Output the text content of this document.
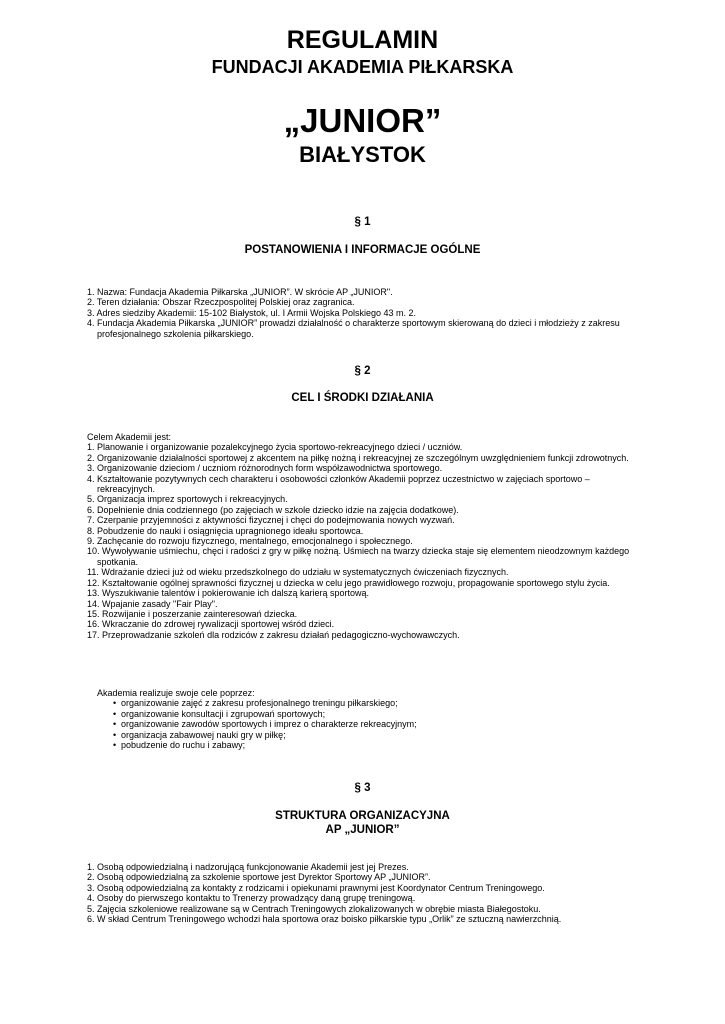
REGULAMIN
FUNDACJI AKADEMIA PIŁKARSKA
„JUNIOR”
BIAŁYSTOK
§ 1
POSTANOWIENIA I INFORMACJE OGÓLNE
1. Nazwa: Fundacja Akademia Piłkarska „JUNIOR”. W skrócie AP „JUNIOR".
2. Teren działania: Obszar Rzeczpospolitej Polskiej oraz zagranica.
3. Adres siedziby Akademii: 15-102 Białystok, ul. I Armii Wojska Polskiego 43 m. 2.
4. Fundacja Akademia Piłkarska „JUNIOR” prowadzi działalność o charakterze sportowym skierowaną do dzieci i młodzieży z zakresu profesjonalnego szkolenia piłkarskiego.
§ 2
CEL I ŚRODKI DZIAŁANIA

Celem Akademii jest:

1. Planowanie i organizowanie pozalekcyjnego życia sportowo-rekreacyjnego dzieci / uczniów.
2. Organizowanie działalności sportowej z akcentem na piłkę nożną i rekreacyjnej ze szczególnym uwzględnieniem funkcji zdrowotnych.
3. Organizowanie dzieciom / uczniom różnorodnych form współzawodnictwa sportowego.
4. Kształtowanie pozytywnych cech charakteru i osobowości członków Akademii poprzez uczestnictwo w zajęciach sportowo – rekreacyjnych.
5. Organizacja imprez sportowych i rekreacyjnych.
6. Dopełnienie dnia codziennego (po zajęciach w szkole dziecko idzie na zajęcia dodatkowe).
7. Czerpanie przyjemności z aktywności fizycznej i chęci do podejmowania nowych wyzwań.
8. Pobudzenie do nauki i osiągnięcia upragnionego ideału sportowca.
9. Zachęcanie do rozwoju fizycznego, mentalnego, emocjonalnego i społecznego.
10. Wywoływanie uśmiechu, chęci i radości z gry w piłkę nożną. Uśmiech na twarzy dziecka staje się elementem nieodzownym każdego spotkania.
11. Wdrażanie dzieci już od wieku przedszkolnego do udziału w systematycznych ćwiczeniach fizycznych.
12. Kształtowanie ogólnej sprawności fizycznej u dziecka w celu jego prawidłowego rozwoju, propagowanie sportowego stylu życia.
13. Wyszukiwanie talentów i pokierowanie ich dalszą karierą sportową.
14. Wpajanie zasady "Fair Play".
15. Rozwijanie i poszerzanie zainteresowań dziecka.
16. Wkraczanie do zdrowej rywalizacji sportowej wśród dzieci.
17. Przeprowadzanie szkoleń dla rodziców z zakresu działań pedagogiczno-wychowawczych.

Akademia realizuje swoje cele poprzez:

• organizowanie zajęć z zakresu profesjonalnego treningu piłkarskiego;
• organizowanie konsultacji i zgrupowań sportowych;
• organizowanie zawodów sportowych i imprez o charakterze rekreacyjnym;
• organizacja zabawowej nauki gry w piłkę;
• pobudzenie do ruchu i zabawy;
§ 3
STRUKTURA ORGANIZACYJNA
AP „JUNIOR”
1. Osobą odpowiedzialną i nadzorującą funkcjonowanie Akademii jest jej Prezes.
2. Osobą odpowiedzialną za szkolenie sportowe jest Dyrektor Sportowy AP „JUNIOR”.
3. Osobą odpowiedzialną za kontakty z rodzicami i opiekunami prawnymi jest Koordynator Centrum Treningowego.
4. Osoby do pierwszego kontaktu to Trenerzy prowadzący daną grupę treningową.
5. Zajęcia szkoleniowe realizowane są w Centrach Treningowych zlokalizowanych w obrębie miasta Białegostoku.
6. W skład Centrum Treningowego wchodzi hala sportowa oraz boisko piłkarskie typu „Orlik” ze sztuczną nawierzchnią.
